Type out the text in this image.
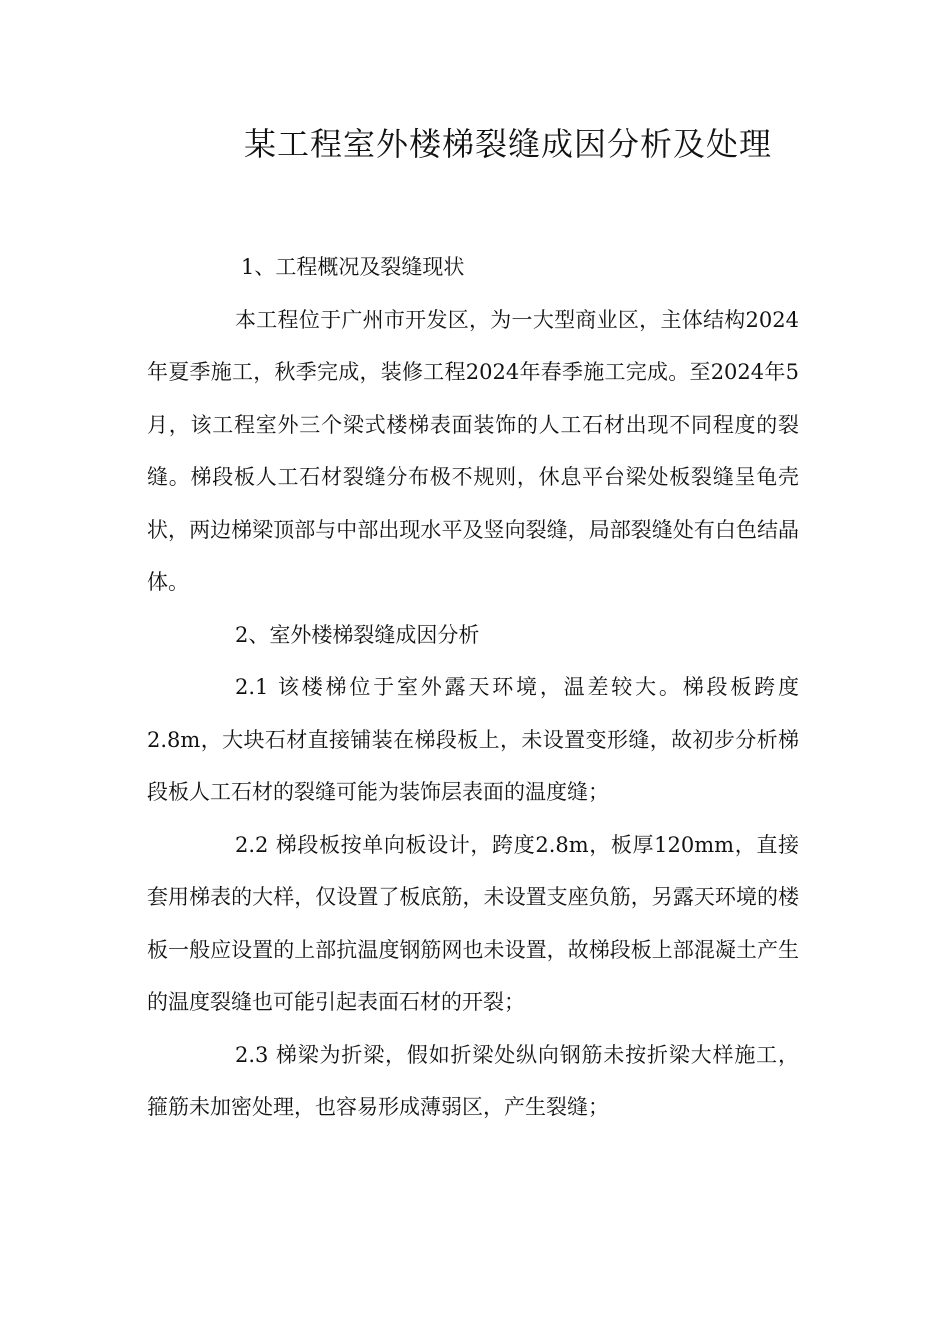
某工程室外楼梯裂缝成因分析及处理

1、工程概况及裂缝现状

本工程位于广州市开发区，为一大型商业区，主体结构2024年夏季施工，秋季完成，装修工程2024年春季施工完成。至2024年5月，该工程室外三个梁式楼梯表面装饰的人工石材出现不同程度的裂缝。梯段板人工石材裂缝分布极不规则，休息平台梁处板裂缝呈龟壳状，两边梯梁顶部与中部出现水平及竖向裂缝，局部裂缝处有白色结晶体。

2、室外楼梯裂缝成因分析

2.1 该楼梯位于室外露天环境，温差较大。梯段板跨度2.8m，大块石材直接铺装在梯段板上，未设置变形缝，故初步分析梯段板人工石材的裂缝可能为装饰层表面的温度缝；

2.2 梯段板按单向板设计，跨度2.8m，板厚120mm，直接套用梯表的大样，仅设置了板底筋，未设置支座负筋，另露天环境的楼板一般应设置的上部抗温度钢筋网也未设置，故梯段板上部混凝土产生的温度裂缝也可能引起表面石材的开裂；

2.3 梯梁为折梁，假如折梁处纵向钢筋未按折梁大样施工，箍筋未加密处理，也容易形成薄弱区，产生裂缝；
